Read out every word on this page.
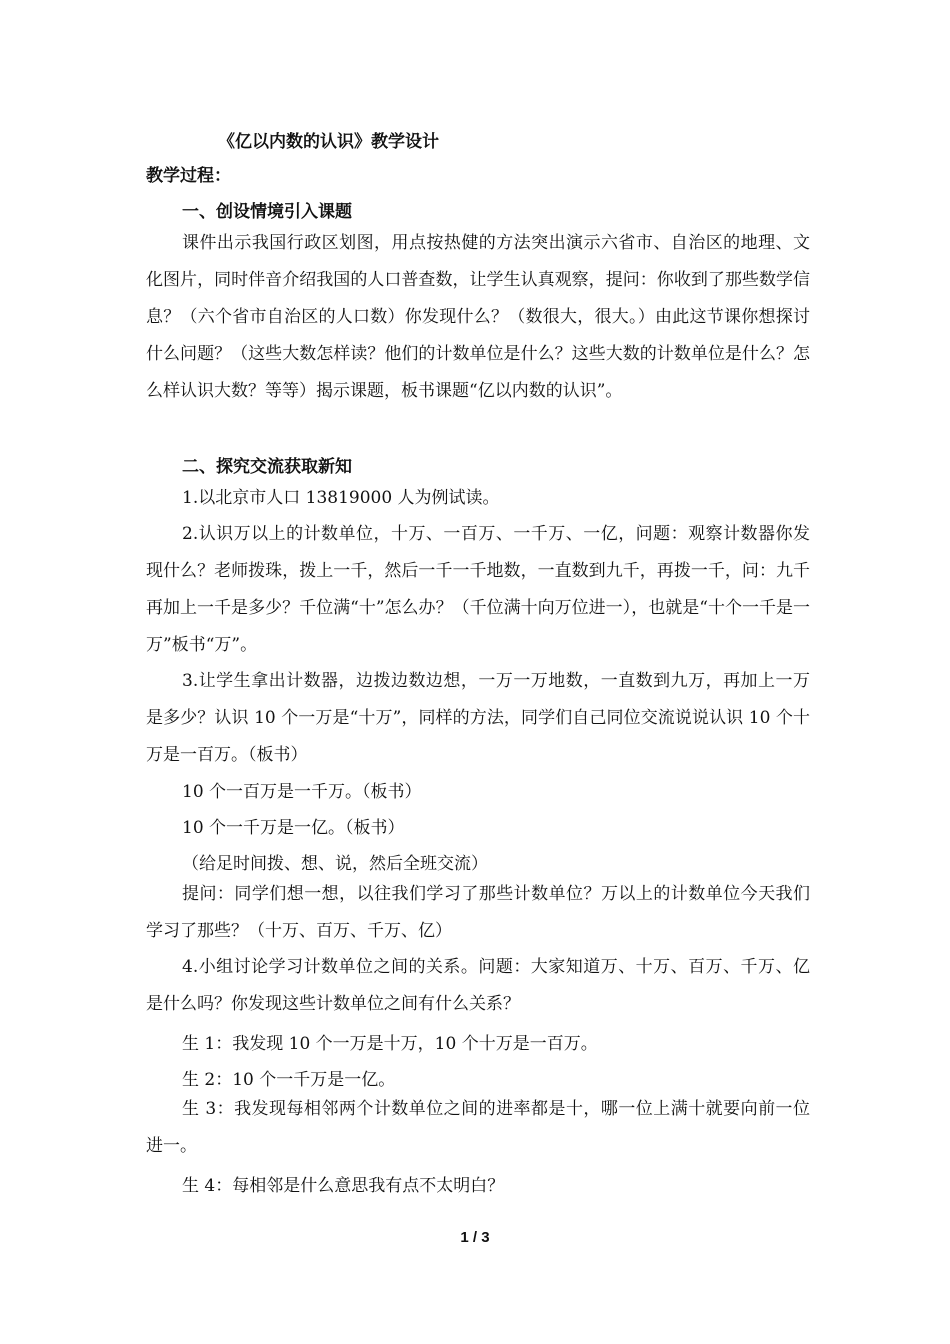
《亿以内数的认识》教学设计
教学过程：
一、创设情境引入课题

课件出示我国行政区划图，用点按热健的方法突出演示六省市、自治区的地理、文化图片，同时伴音介绍我国的人口普查数，让学生认真观察，提问：你收到了那些数学信息？（六个省市自治区的人口数）你发现什么？（数很大，很大。）由此这节课你想探讨什么问题？（这些大数怎样读？他们的计数单位是什么？这些大数的计数单位是什么？怎么样认识大数？等等）揭示课题，板书课题“亿以内数的认识”。

二、探究交流获取新知

1.以北京市人口 13819000 人为例试读。

2.认识万以上的计数单位，十万、一百万、一千万、一亿，问题：观察计数器你发现什么？老师拨珠，拨上一千，然后一千一千地数，一直数到九千，再拨一千，问：九千再加上一千是多少？千位满“十”怎么办？（千位满十向万位进一），也就是“十个一千是一万”板书“万”。

3.让学生拿出计数器，边拨边数边想，一万一万地数，一直数到九万，再加上一万是多少？认识 10 个一万是“十万”，同样的方法，同学们自己同位交流说说认识 10 个十万是一百万。（板书）

10 个一百万是一千万。（板书）
10 个一千万是一亿。（板书）
（给足时间拨、想、说，然后全班交流）

提问：同学们想一想，以往我们学习了那些计数单位？万以上的计数单位今天我们学习了那些？（十万、百万、千万、亿）

4.小组讨论学习计数单位之间的关系。问题：大家知道万、十万、百万、千万、亿是什么吗？你发现这些计数单位之间有什么关系？

生 1：我发现 10 个一万是十万，10 个十万是一百万。
生 2：10 个一千万是一亿。

生 3：我发现每相邻两个计数单位之间的进率都是十，哪一位上满十就要向前一位进一。

生 4：每相邻是什么意思我有点不太明白？
1 / 3
